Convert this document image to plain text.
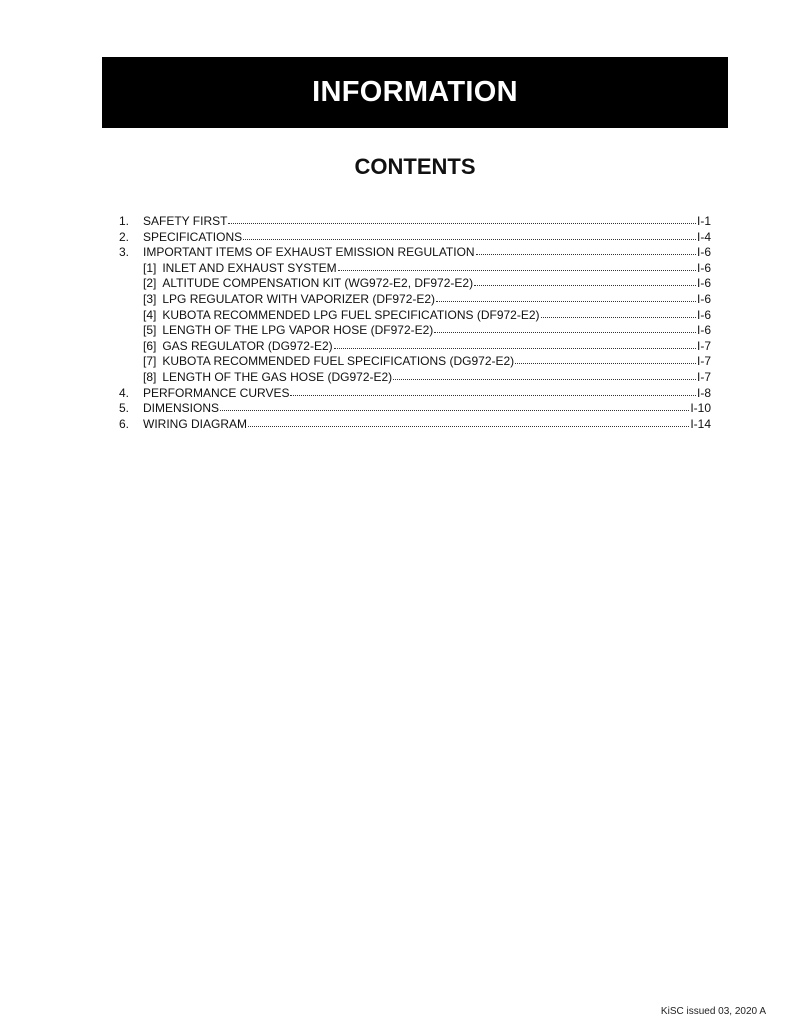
INFORMATION
CONTENTS
1.	SAFETY FIRST	I-1
2.	SPECIFICATIONS	I-4
3.	IMPORTANT ITEMS OF EXHAUST EMISSION REGULATION	I-6
[1] INLET AND EXHAUST SYSTEM	I-6
[2] ALTITUDE COMPENSATION KIT (WG972-E2, DF972-E2)	I-6
[3] LPG REGULATOR WITH VAPORIZER (DF972-E2)	I-6
[4] KUBOTA RECOMMENDED LPG FUEL SPECIFICATIONS (DF972-E2)	I-6
[5] LENGTH OF THE LPG VAPOR HOSE (DF972-E2)	I-6
[6] GAS REGULATOR (DG972-E2)	I-7
[7] KUBOTA RECOMMENDED FUEL SPECIFICATIONS (DG972-E2)	I-7
[8] LENGTH OF THE GAS HOSE (DG972-E2)	I-7
4.	PERFORMANCE CURVES	I-8
5.	DIMENSIONS	I-10
6.	WIRING DIAGRAM	I-14
KiSC issued 03, 2020 A
